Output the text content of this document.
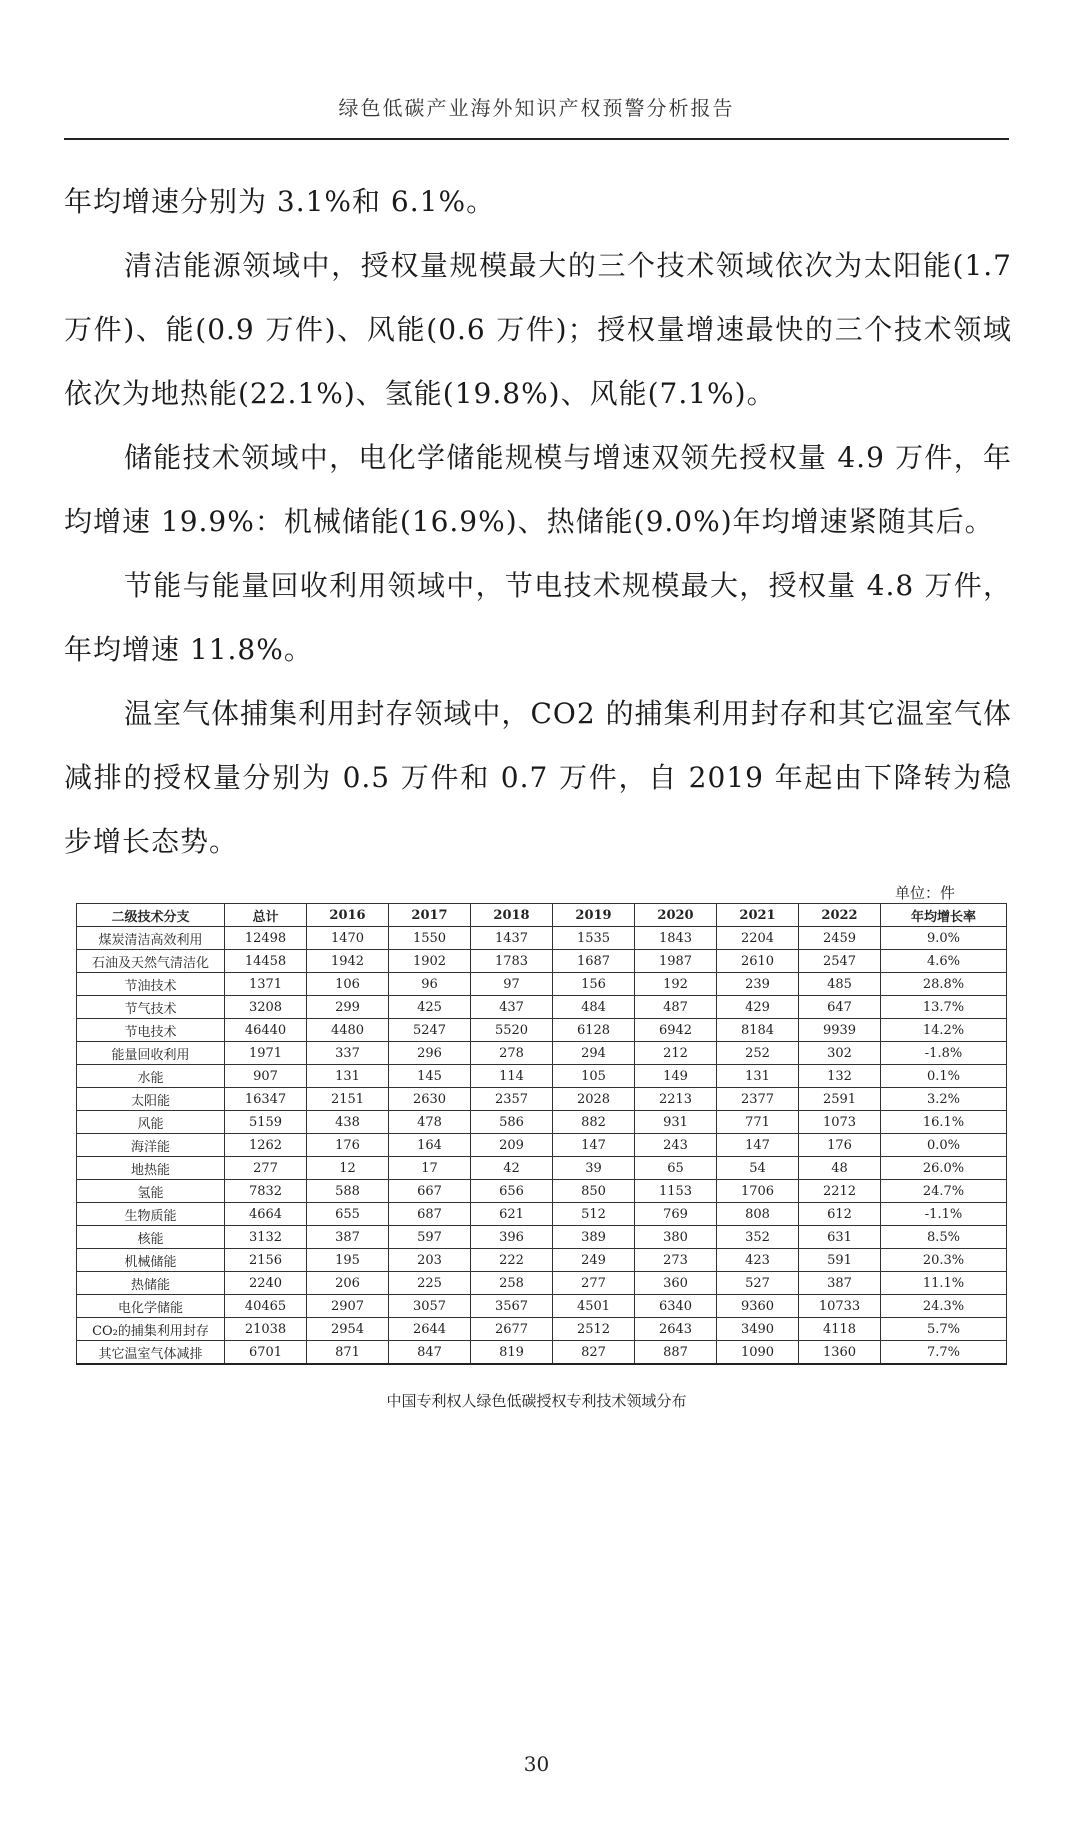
绿色低碳产业海外知识产权预警分析报告

年均增速分别为 3.1%和 6.1%。

清洁能源领域中，授权量规模最大的三个技术领域依次为太阳能(1.7 万件)、能(0.9 万件)、风能(0.6 万件)；授权量增速最快的三个技术领域依次为地热能(22.1%)、氢能(19.8%)、风能(7.1%)。

储能技术领域中，电化学储能规模与增速双领先授权量 4.9 万件，年均增速 19.9%：机械储能(16.9%)、热储能(9.0%)年均增速紧随其后。

节能与能量回收利用领域中，节电技术规模最大，授权量 4.8 万件，年均增速 11.8%。

温室气体捕集利用封存领域中，CO2 的捕集利用封存和其它温室气体减排的授权量分别为 0.5 万件和 0.7 万件，自 2019 年起由下降转为稳步增长态势。

单位：件
二级技术分支	总计	2016	2017	2018	2019	2020	2021	2022	年均增长率
煤炭清洁高效利用	12498	1470	1550	1437	1535	1843	2204	2459	9.0%
石油及天然气清洁化	14458	1942	1902	1783	1687	1987	2610	2547	4.6%
节油技术	1371	106	96	97	156	192	239	485	28.8%
节气技术	3208	299	425	437	484	487	429	647	13.7%
节电技术	46440	4480	5247	5520	6128	6942	8184	9939	14.2%
能量回收利用	1971	337	296	278	294	212	252	302	-1.8%
水能	907	131	145	114	105	149	131	132	0.1%
太阳能	16347	2151	2630	2357	2028	2213	2377	2591	3.2%
风能	5159	438	478	586	882	931	771	1073	16.1%
海洋能	1262	176	164	209	147	243	147	176	0.0%
地热能	277	12	17	42	39	65	54	48	26.0%
氢能	7832	588	667	656	850	1153	1706	2212	24.7%
生物质能	4664	655	687	621	512	769	808	612	-1.1%
核能	3132	387	597	396	389	380	352	631	8.5%
机械储能	2156	195	203	222	249	273	423	591	20.3%
热储能	2240	206	225	258	277	360	527	387	11.1%
电化学储能	40465	2907	3057	3567	4501	6340	9360	10733	24.3%
CO₂的捕集利用封存	21038	2954	2644	2677	2512	2643	3490	4118	5.7%
其它温室气体减排	6701	871	847	819	827	887	1090	1360	7.7%
中国专利权人绿色低碳授权专利技术领域分布
30
